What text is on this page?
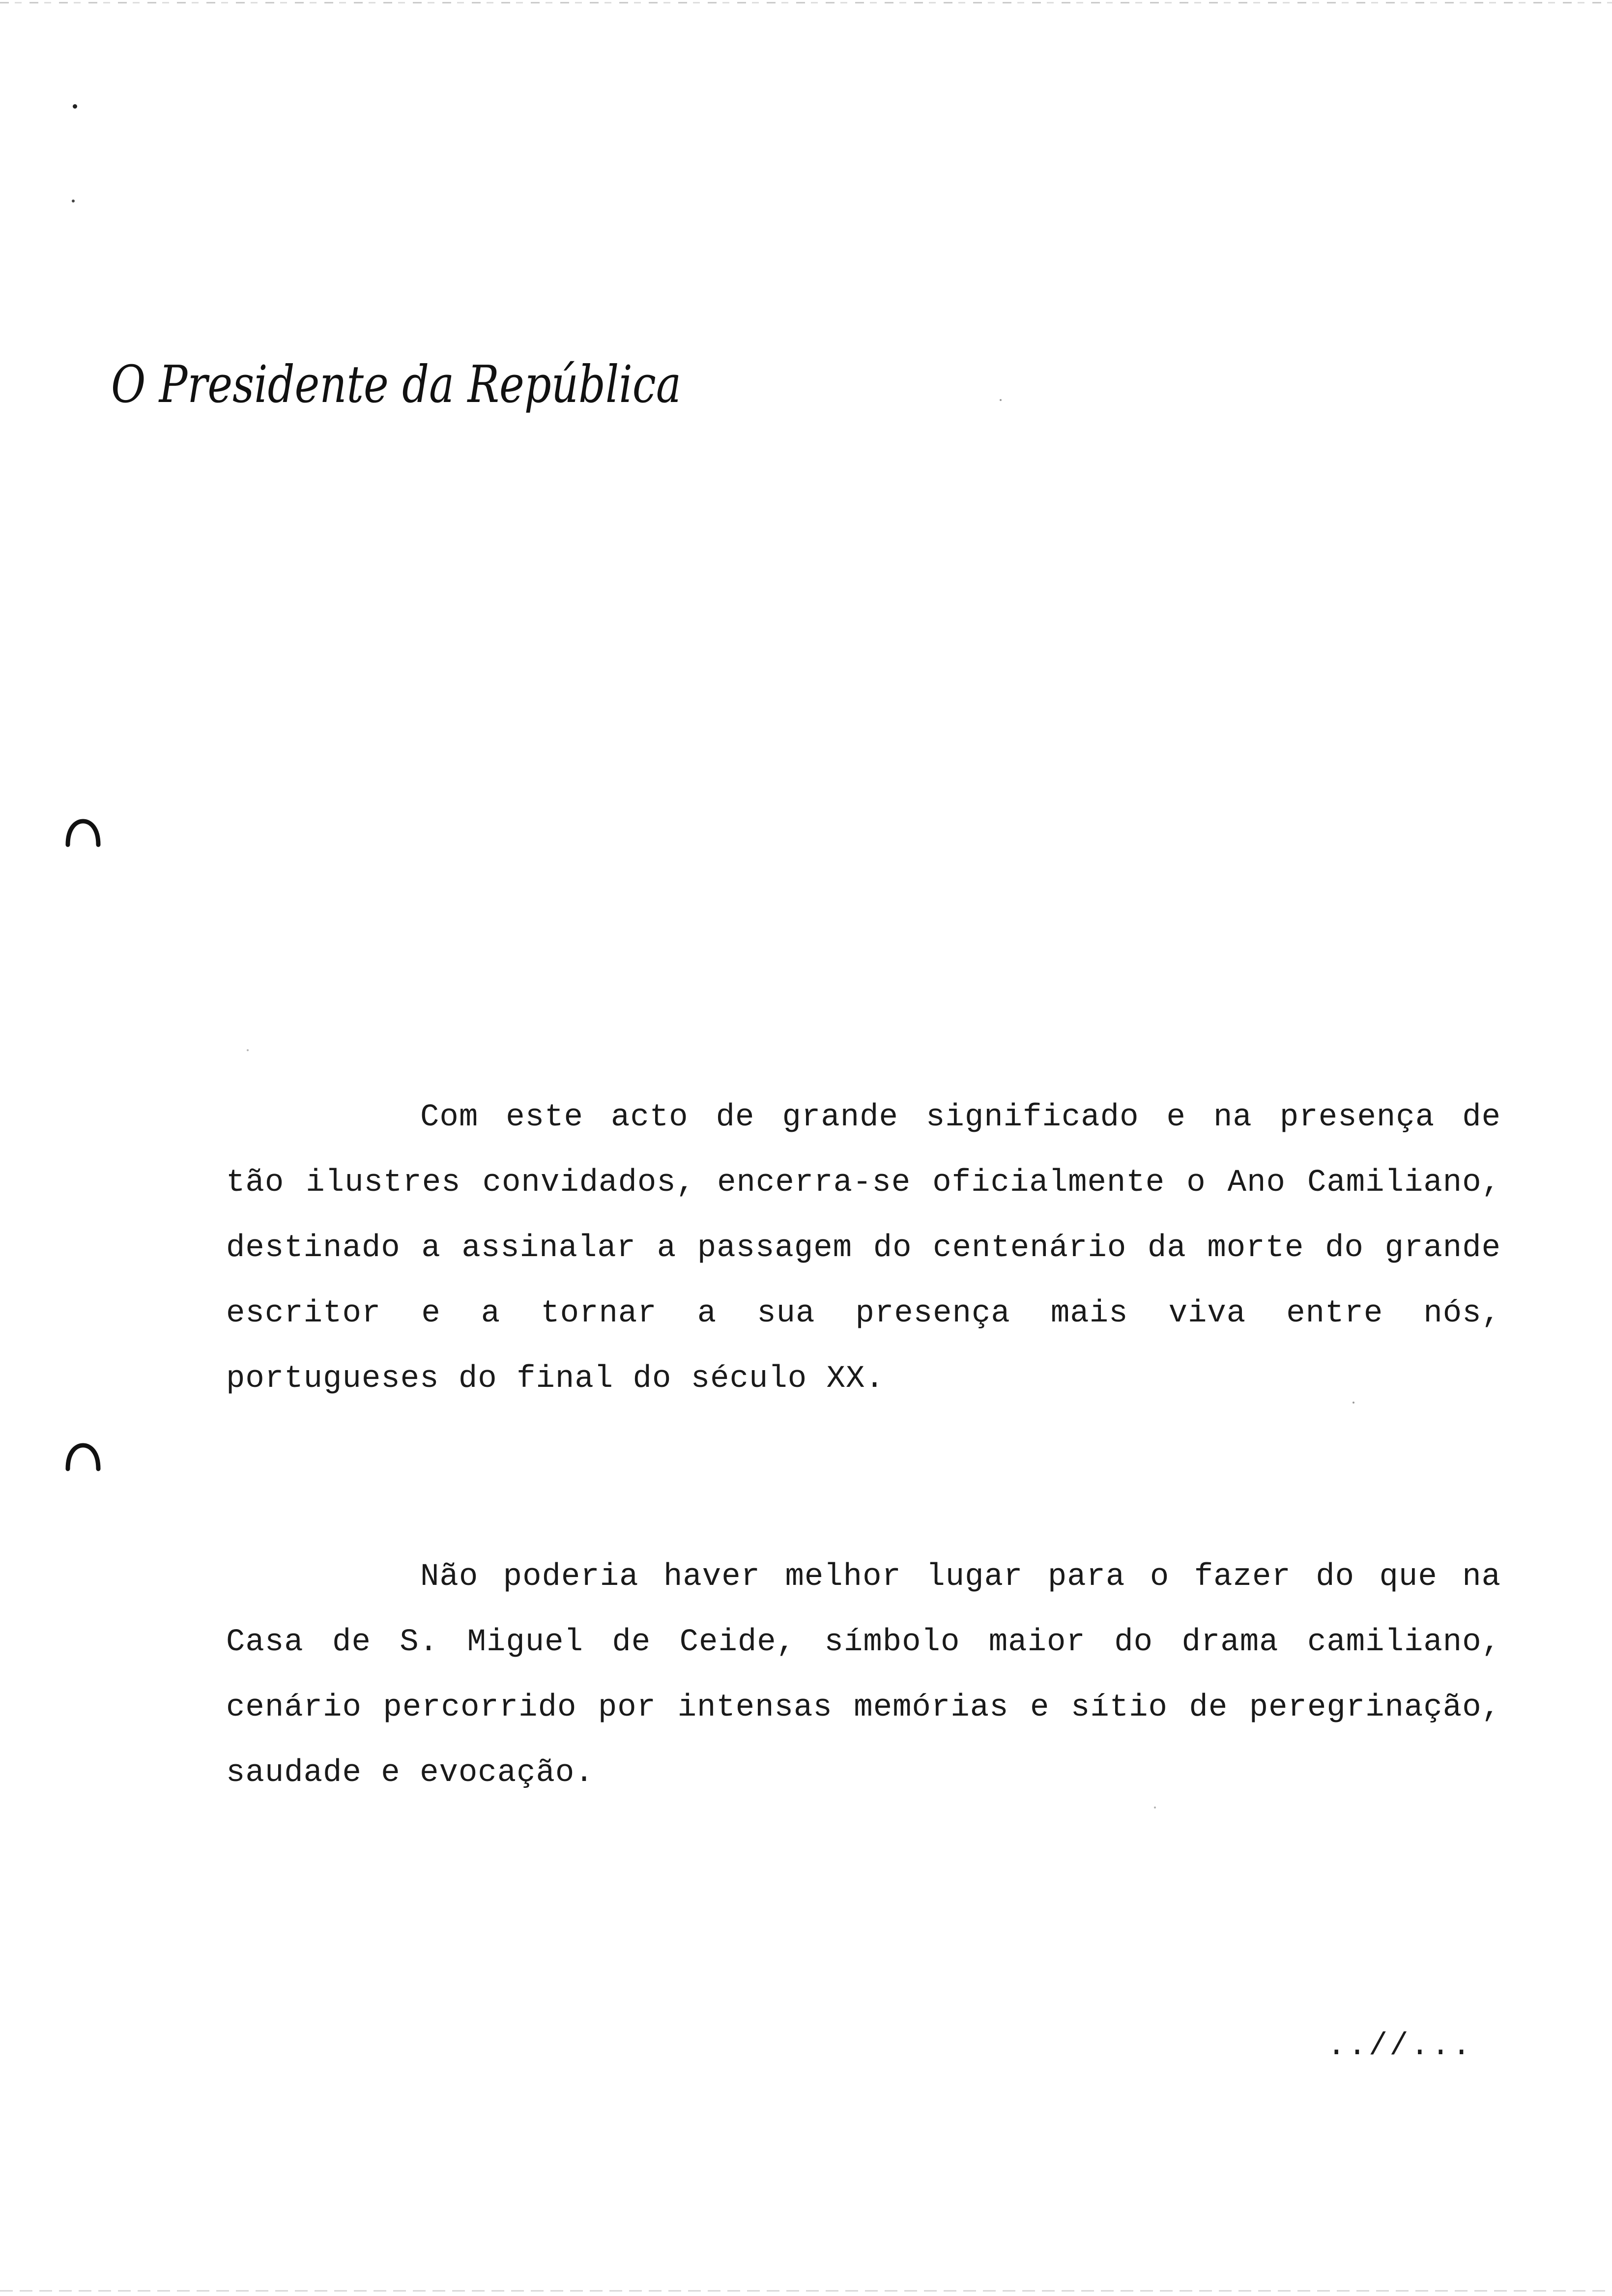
O Presidente da República

Com este acto de grande significado e na presença de tão ilustres convidados, encerra-se oficialmente o Ano Camiliano, destinado a assinalar a passagem do centenário da morte do grande escritor e a tornar a sua presença mais viva entre nós, portugueses do final do século XX.

Não poderia haver melhor lugar para o fazer do que na Casa de S. Miguel de Ceide, símbolo maior do drama camiliano, cenário percorrido por intensas memórias e sítio de peregrinação, saudade e evocação.

..//...
